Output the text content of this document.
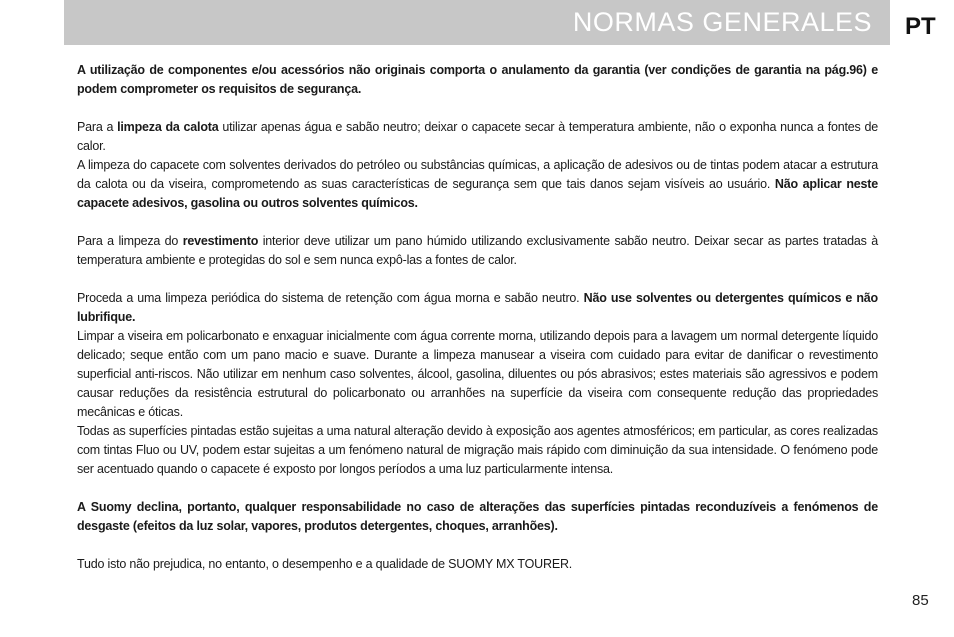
NORMAS GENERALES PT

A utilização de componentes e/ou acessórios não originais comporta o anulamento da garantia (ver condições de garantia na pág.96) e podem comprometer os requisitos de segurança.

Para a limpeza da calota utilizar apenas água e sabão neutro; deixar o capacete secar à temperatura ambiente, não o exponha nunca a fontes de calor.

A limpeza do capacete com solventes derivados do petróleo ou substâncias químicas, a aplicação de adesivos ou de tintas podem atacar a estrutura da calota ou da viseira, comprometendo as suas características de segurança sem que tais danos sejam visíveis ao usuário. Não aplicar neste capacete adesivos, gasolina ou outros solventes químicos.

Para a limpeza do revestimento interior deve utilizar um pano húmido utilizando exclusivamente sabão neutro. Deixar secar as partes tratadas à temperatura ambiente e protegidas do sol e sem nunca expô-las a fontes de calor.

Proceda a uma limpeza periódica do sistema de retenção com água morna e sabão neutro. Não use solventes ou detergentes químicos e não lubrifique.

Limpar a viseira em policarbonato e enxaguar inicialmente com água corrente morna, utilizando depois para a lavagem um normal detergente líquido delicado; seque então com um pano macio e suave. Durante a limpeza manusear a viseira com cuidado para evitar de danificar o revestimento superficial anti-riscos. Não utilizar em nenhum caso solventes, álcool, gasolina, diluentes ou pós abrasivos; estes materiais são agressivos e podem causar reduções da resistência estrutural do policarbonato ou arranhões na superfície da viseira com consequente redução das propriedades mecânicas e óticas.

Todas as superfícies pintadas estão sujeitas a uma natural alteração devido à exposição aos agentes atmosféricos; em particular, as cores realizadas com tintas Fluo ou UV, podem estar sujeitas a um fenómeno natural de migração mais rápido com diminuição da sua intensidade. O fenómeno pode ser acentuado quando o capacete é exposto por longos períodos a uma luz particularmente intensa.

A Suomy declina, portanto, qualquer responsabilidade no caso de alterações das superfícies pintadas reconduzíveis a fenómenos de desgaste (efeitos da luz solar, vapores, produtos detergentes, choques, arranhões).

Tudo isto não prejudica, no entanto, o desempenho e a qualidade de SUOMY MX TOURER.

85
